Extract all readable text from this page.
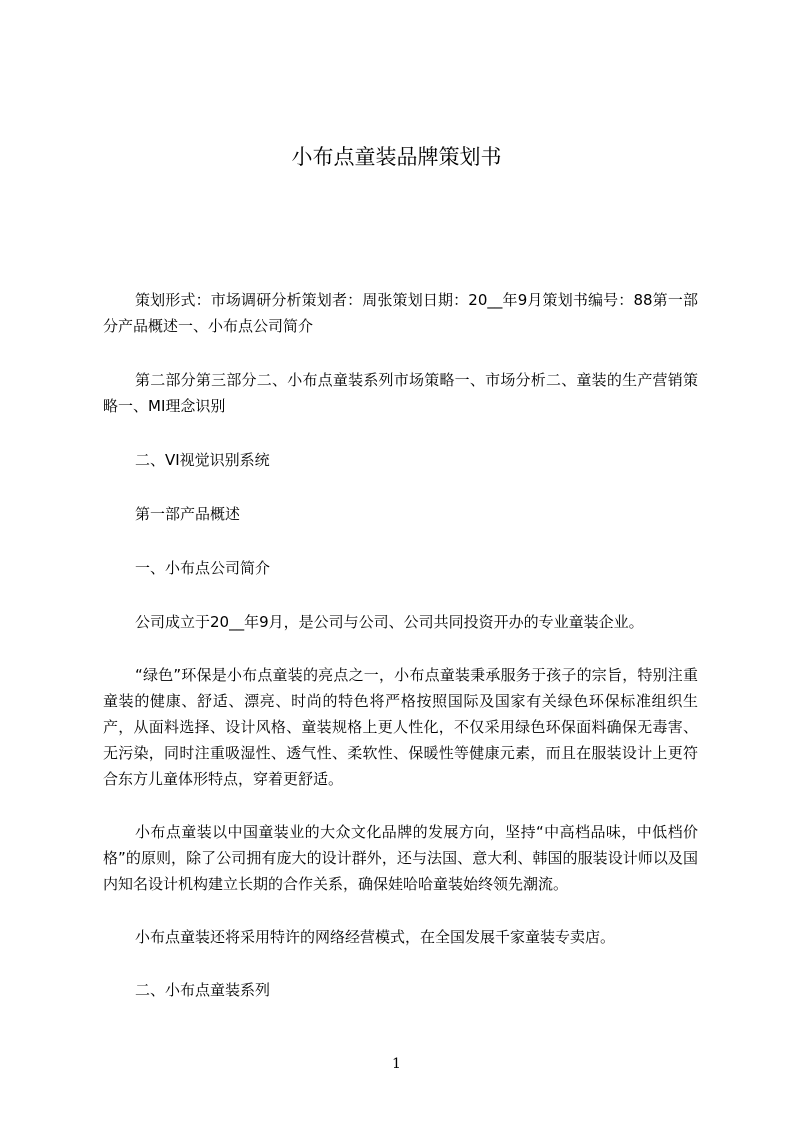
小布点童装品牌策划书

策划形式：市场调研分析策划者：周张策划日期：20__年9月策划书编号：88第一部分产品概述一、小布点公司简介

第二部分第三部分二、小布点童装系列市场策略一、市场分析二、童装的生产营销策略一、MI理念识别

二、VI视觉识别系统

第一部产品概述

一、小布点公司简介

公司成立于20__年9月，是公司与公司、公司共同投资开办的专业童装企业。

“绿色”环保是小布点童装的亮点之一，小布点童装秉承服务于孩子的宗旨，特别注重童装的健康、舒适、漂亮、时尚的特色将严格按照国际及国家有关绿色环保标准组织生产，从面料选择、设计风格、童装规格上更人性化，不仅采用绿色环保面料确保无毒害、无污染，同时注重吸湿性、透气性、柔软性、保暖性等健康元素，而且在服装设计上更符合东方儿童体形特点，穿着更舒适。

小布点童装以中国童装业的大众文化品牌的发展方向，坚持“中高档品味，中低档价格”的原则，除了公司拥有庞大的设计群外，还与法国、意大利、韩国的服装设计师以及国内知名设计机构建立长期的合作关系，确保娃哈哈童装始终领先潮流。

小布点童装还将采用特许的网络经营模式，在全国发展千家童装专卖店。

二、小布点童装系列

1
